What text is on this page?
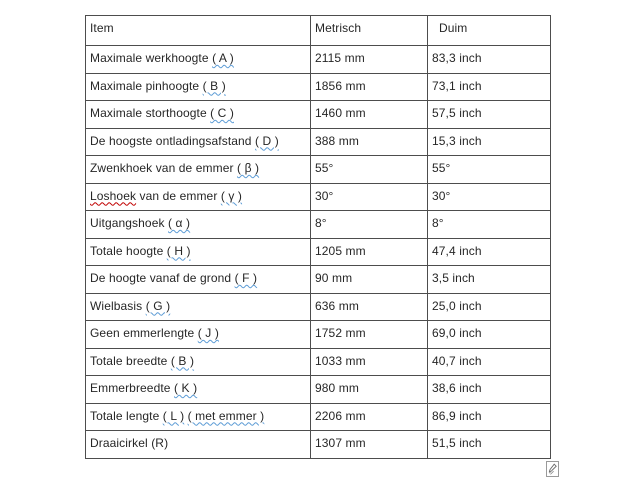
Item	Metrisch	Duim
Maximale werkhoogte ( A )	2115 mm	83,3 inch
Maximale pinhoogte ( B )	1856 mm	73,1 inch
Maximale storthoogte ( C )	1460 mm	57,5 inch
De hoogste ontladingsafstand ( D )	388 mm	15,3 inch
Zwenkhoek van de emmer ( β )	55°	55°
Loshoek van de emmer ( γ )	30°	30°
Uitgangshoek ( α )	8°	8°
Totale hoogte ( H )	1205 mm	47,4 inch
De hoogte vanaf de grond ( F )	90 mm	3,5 inch
Wielbasis ( G )	636 mm	25,0 inch
Geen emmerlengte ( J )	1752 mm	69,0 inch
Totale breedte ( B )	1033 mm	40,7 inch
Emmerbreedte ( K )	980 mm	38,6 inch
Totale lengte ( L ) ( met emmer )	2206 mm	86,9 inch
Draaicirkel (R)	1307 mm	51,5 inch
